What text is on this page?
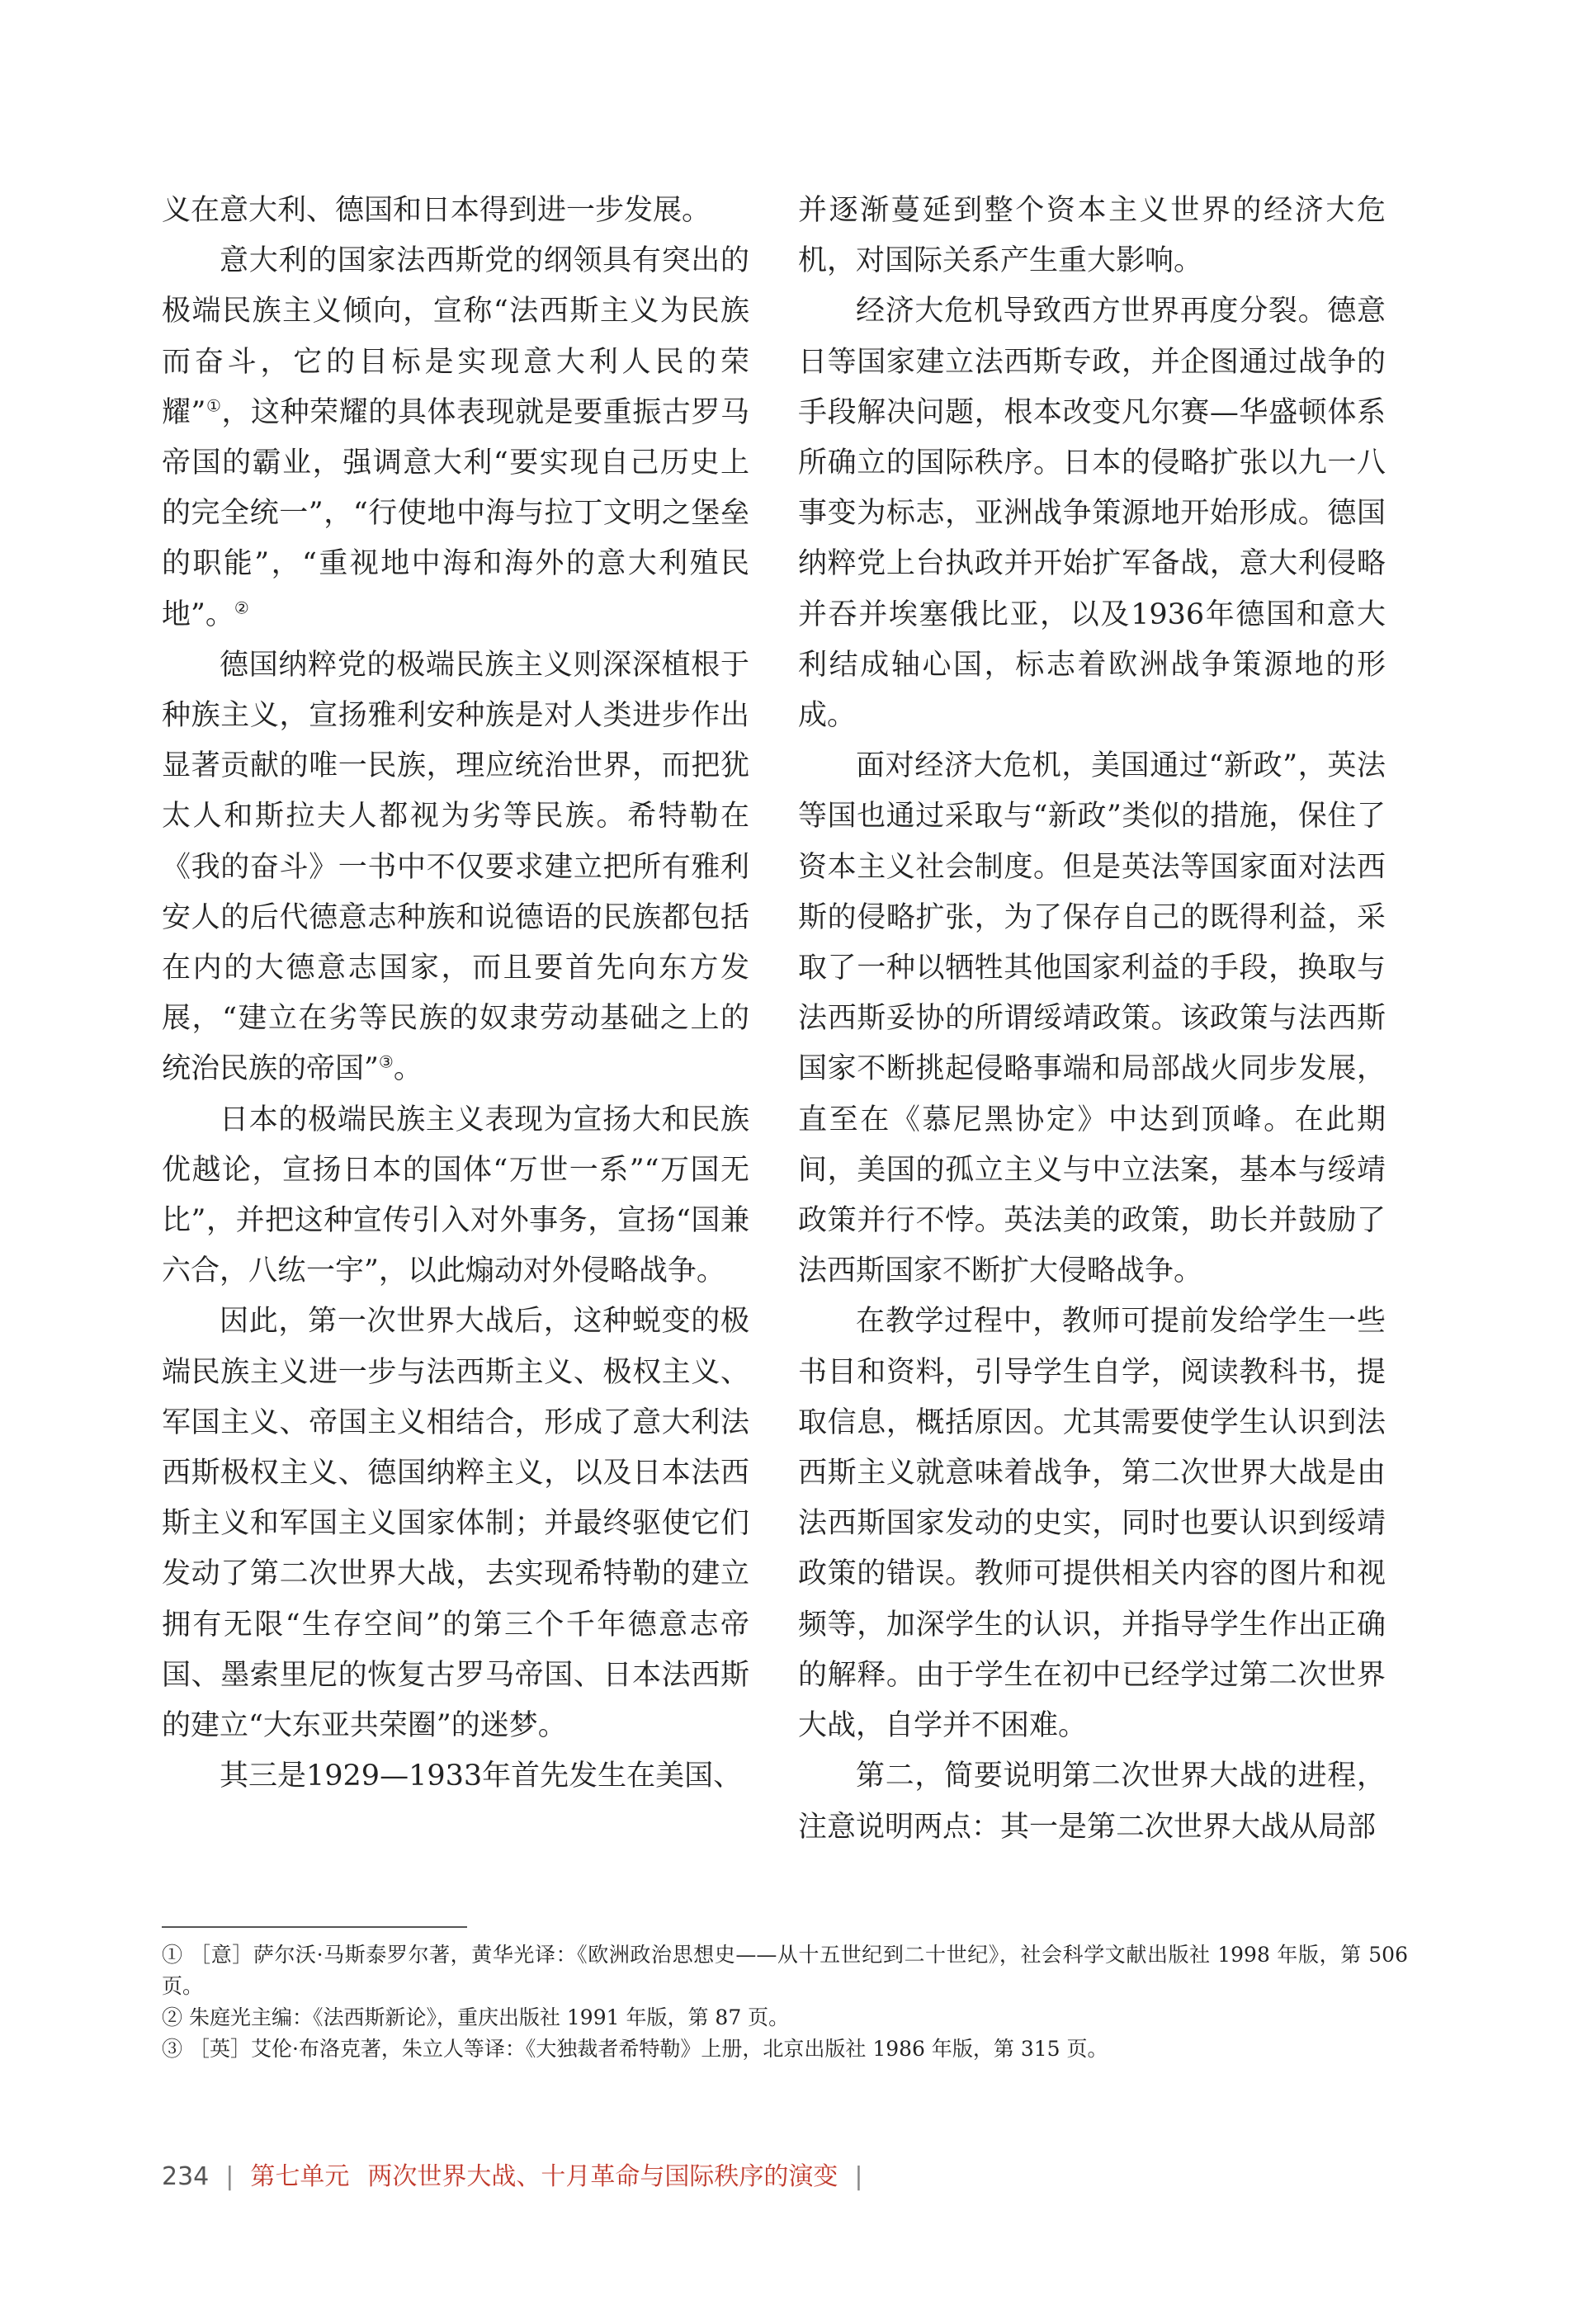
义在意大利、德国和日本得到进一步发展。

意大利的国家法西斯党的纲领具有突出的极端民族主义倾向，宣称“法西斯主义为民族而奋斗，它的目标是实现意大利人民的荣耀”①，这种荣耀的具体表现就是要重振古罗马帝国的霸业，强调意大利“要实现自己历史上的完全统一”，“行使地中海与拉丁文明之堡垒的职能”，“重视地中海和海外的意大利殖民地”。②

德国纳粹党的极端民族主义则深深植根于种族主义，宣扬雅利安种族是对人类进步作出显著贡献的唯一民族，理应统治世界，而把犹太人和斯拉夫人都视为劣等民族。希特勒在《我的奋斗》一书中不仅要求建立把所有雅利安人的后代德意志种族和说德语的民族都包括在内的大德意志国家，而且要首先向东方发展，“建立在劣等民族的奴隶劳动基础之上的统治民族的帝国”③。

日本的极端民族主义表现为宣扬大和民族优越论，宣扬日本的国体“万世一系”“万国无比”，并把这种宣传引入对外事务，宣扬“国兼六合，八纮一宇”，以此煽动对外侵略战争。

因此，第一次世界大战后，这种蜕变的极端民族主义进一步与法西斯主义、极权主义、军国主义、帝国主义相结合，形成了意大利法西斯极权主义、德国纳粹主义，以及日本法西斯主义和军国主义国家体制；并最终驱使它们发动了第二次世界大战，去实现希特勒的建立拥有无限“生存空间”的第三个千年德意志帝国、墨索里尼的恢复古罗马帝国、日本法西斯的建立“大东亚共荣圈”的迷梦。

其三是1929—1933年首先发生在美国、

并逐渐蔓延到整个资本主义世界的经济大危机，对国际关系产生重大影响。

经济大危机导致西方世界再度分裂。德意日等国家建立法西斯专政，并企图通过战争的手段解决问题，根本改变凡尔赛—华盛顿体系所确立的国际秩序。日本的侵略扩张以九一八事变为标志，亚洲战争策源地开始形成。德国纳粹党上台执政并开始扩军备战，意大利侵略并吞并埃塞俄比亚，以及1936年德国和意大利结成轴心国，标志着欧洲战争策源地的形成。

面对经济大危机，美国通过“新政”，英法等国也通过采取与“新政”类似的措施，保住了资本主义社会制度。但是英法等国家面对法西斯的侵略扩张，为了保存自己的既得利益，采取了一种以牺牲其他国家利益的手段，换取与法西斯妥协的所谓绥靖政策。该政策与法西斯国家不断挑起侵略事端和局部战火同步发展，直至在《慕尼黑协定》中达到顶峰。在此期间，美国的孤立主义与中立法案，基本与绥靖政策并行不悖。英法美的政策，助长并鼓励了法西斯国家不断扩大侵略战争。

在教学过程中，教师可提前发给学生一些书目和资料，引导学生自学，阅读教科书，提取信息，概括原因。尤其需要使学生认识到法西斯主义就意味着战争，第二次世界大战是由法西斯国家发动的史实，同时也要认识到绥靖政策的错误。教师可提供相关内容的图片和视频等，加深学生的认识，并指导学生作出正确的解释。由于学生在初中已经学过第二次世界大战，自学并不困难。

第二，简要说明第二次世界大战的进程，注意说明两点：其一是第二次世界大战从局部

① ［意］萨尔沃·马斯泰罗尔著，黄华光译：《欧洲政治思想史——从十五世纪到二十世纪》，社会科学文献出版社 1998 年版，第 506 页。

② 朱庭光主编：《法西斯新论》，重庆出版社 1991 年版，第 87 页。

③ ［英］艾伦·布洛克著，朱立人等译：《大独裁者希特勒》上册，北京出版社 1986 年版，第 315 页。

234 | 第七单元 两次世界大战、十月革命与国际秩序的演变 |
